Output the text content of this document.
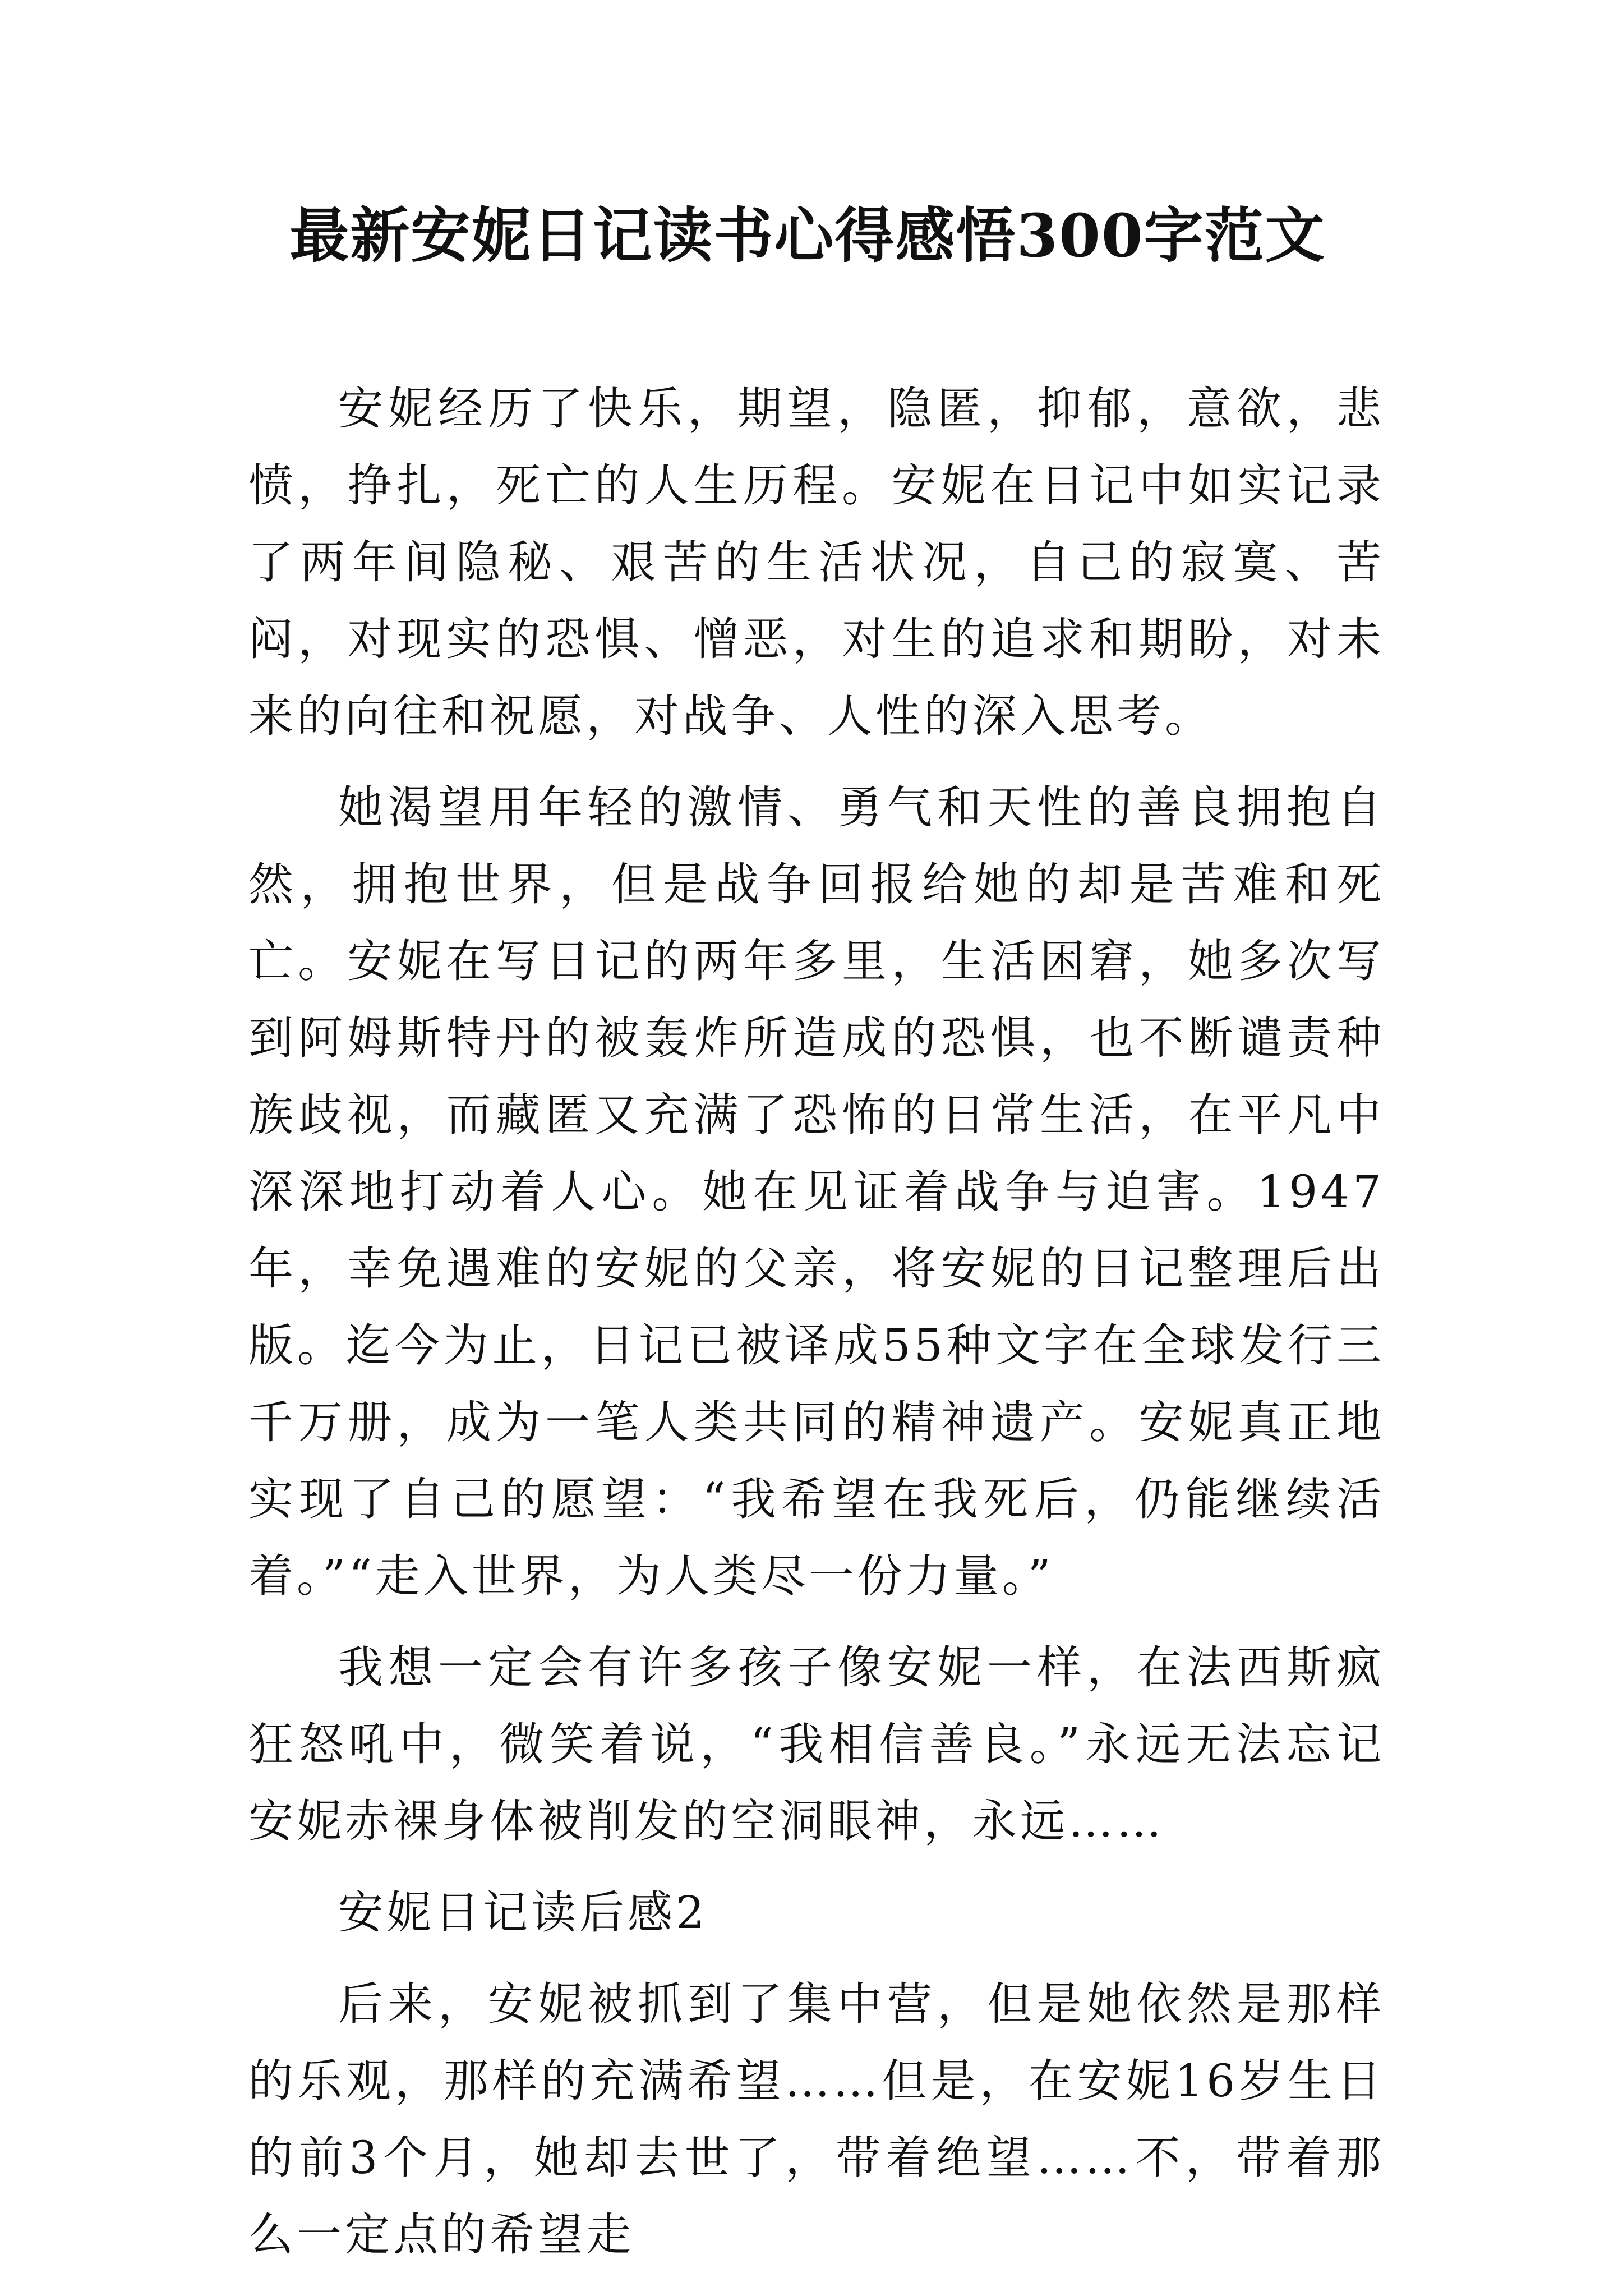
最新安妮日记读书心得感悟300字范文

安妮经历了快乐，期望，隐匿，抑郁，意欲，悲愤，挣扎，死亡的人生历程。安妮在日记中如实记录了两年间隐秘、艰苦的生活状况，自己的寂寞、苦闷，对现实的恐惧、憎恶，对生的追求和期盼，对未来的向往和祝愿，对战争、人性的深入思考。

她渴望用年轻的激情、勇气和天性的善良拥抱自然，拥抱世界，但是战争回报给她的却是苦难和死亡。安妮在写日记的两年多里，生活困窘，她多次写到阿姆斯特丹的被轰炸所造成的恐惧，也不断谴责种族歧视，而藏匿又充满了恐怖的日常生活，在平凡中深深地打动着人心。她在见证着战争与迫害。1947年，幸免遇难的安妮的父亲，将安妮的日记整理后出版。迄今为止，日记已被译成55种文字在全球发行三千万册，成为一笔人类共同的精神遗产。安妮真正地实现了自己的愿望：“我希望在我死后，仍能继续活着。”“走入世界，为人类尽一份力量。”

我想一定会有许多孩子像安妮一样，在法西斯疯狂怒吼中，微笑着说，“我相信善良。”永远无法忘记安妮赤裸身体被削发的空洞眼神，永远……

安妮日记读后感2

后来，安妮被抓到了集中营，但是她依然是那样的乐观，那样的充满希望……但是，在安妮16岁生日的前3个月，她却去世了，带着绝望……不，带着那么一定点的希望走
